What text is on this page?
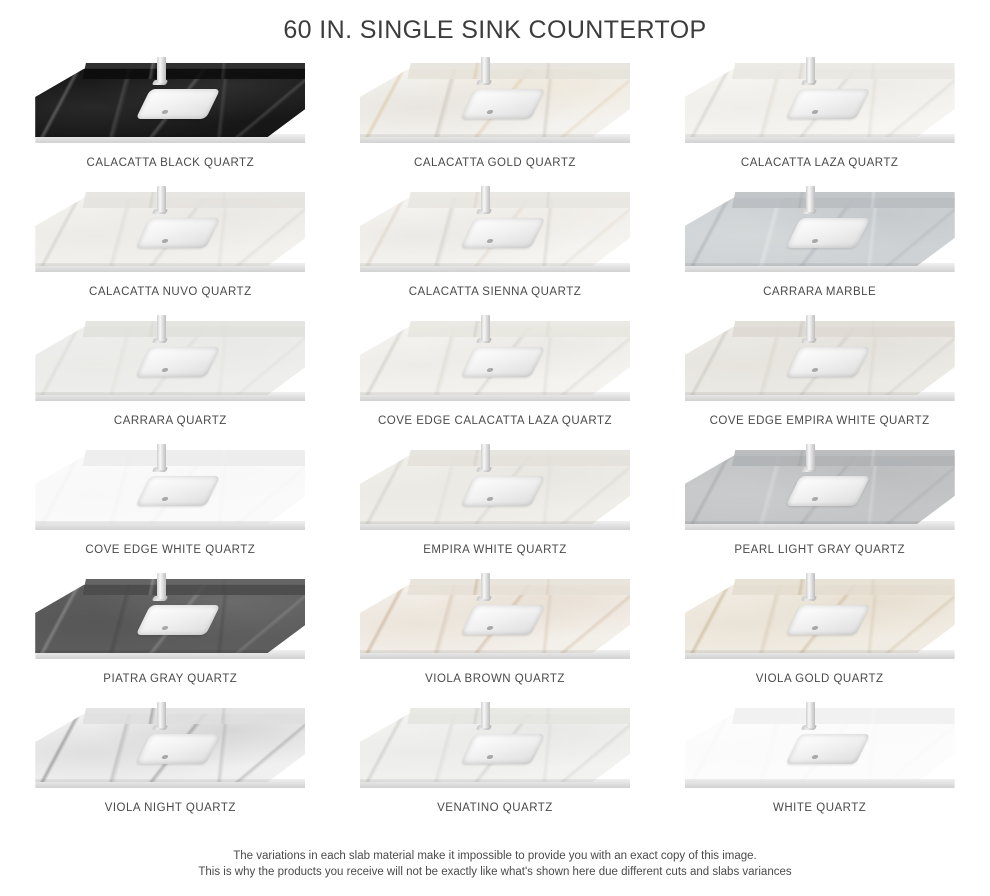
60 IN. SINGLE SINK COUNTERTOP
CALACATTA BLACK QUARTZ	CALACATTA GOLD QUARTZ	CALACATTA LAZA QUARTZ
CALACATTA NUVO QUARTZ	CALACATTA SIENNA QUARTZ	CARRARA MARBLE
CARRARA QUARTZ	COVE EDGE CALACATTA LAZA QUARTZ	COVE EDGE EMPIRA WHITE QUARTZ
COVE EDGE WHITE QUARTZ	EMPIRA WHITE QUARTZ	PEARL LIGHT GRAY QUARTZ
PIATRA GRAY QUARTZ	VIOLA BROWN QUARTZ	VIOLA GOLD QUARTZ
VIOLA NIGHT QUARTZ	VENATINO QUARTZ	WHITE QUARTZ
The variations in each slab material make it impossible to provide you with an exact copy of this image.
This is why the products you receive will not be exactly like what's shown here due different cuts and slabs variances
